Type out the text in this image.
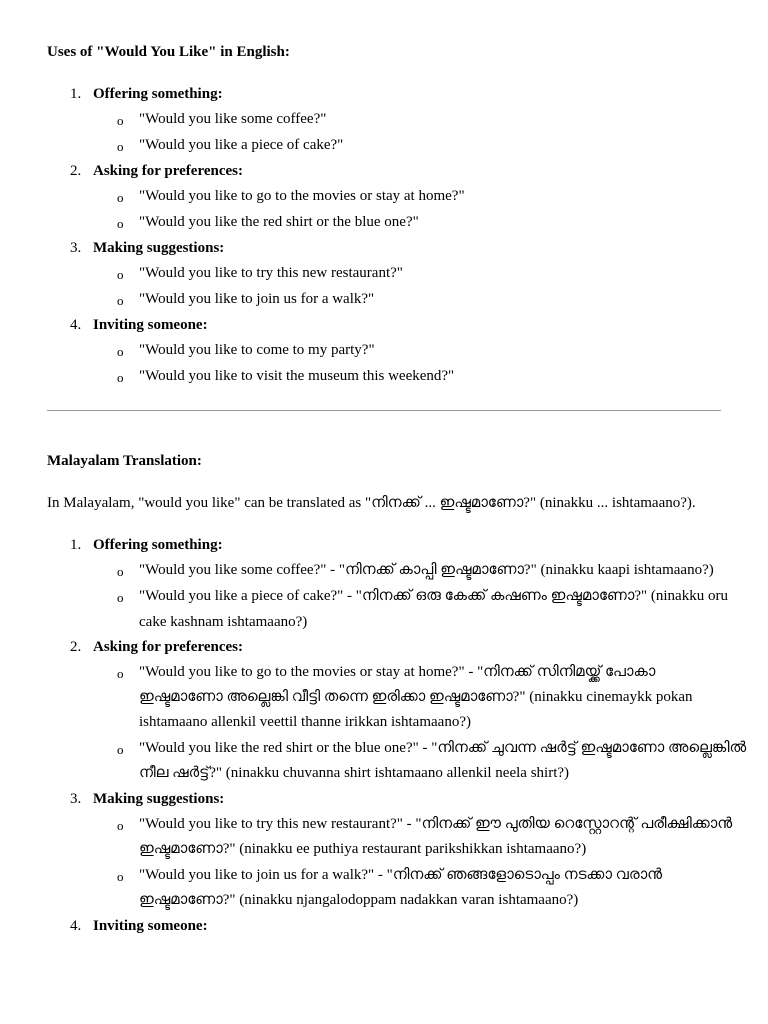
Uses of "Would You Like" in English:
1. Offering something:
o	"Would you like some coffee?"
o	"Would you like a piece of cake?"
2. Asking for preferences:
o	"Would you like to go to the movies or stay at home?"
o	"Would you like the red shirt or the blue one?"
3. Making suggestions:
o	"Would you like to try this new restaurant?"
o	"Would you like to join us for a walk?"
4. Inviting someone:
o	"Would you like to come to my party?"
o	"Would you like to visit the museum this weekend?"
Malayalam Translation:
In Malayalam, "would you like" can be translated as "നിനക്ക് ... ഇഷ്ടമാണോ?" (ninakku ... ishtamaano?).
1. Offering something:
o	"Would you like some coffee?" - "നിനക്ക് കാപ്പി ഇഷ്ടമാണോ?" (ninakku kaapi ishtamaano?)
o	"Would you like a piece of cake?" - "നിനക്ക് ഒരു കേക്ക് കഷണം ഇഷ്ടമാണോ?" (ninakku oru
cake kashnam ishtamaano?)
2. Asking for preferences:
o	"Would you like to go to the movies or stay at home?" - "നിനക്ക് സിനിമയ്ക്ക് പോകാ
ഇഷ്ടമാണോ അല്ലെങ്കി വീട്ടി തന്നെ ഇരിക്കാ ഇഷ്ടമാണോ?" (ninakku cinemaykk pokan
ishtamaano allenkil veettil thanne irikkan ishtamaano?)
o	"Would you like the red shirt or the blue one?" - "നിനക്ക് ചുവന്ന ഷർട്ട് ഇഷ്ടമാണോ അല്ലെങ്കിൽ
നീല ഷർട്ട്?" (ninakku chuvanna shirt ishtamaano allenkil neela shirt?)
3. Making suggestions:
o	"Would you like to try this new restaurant?" - "നിനക്ക് ഈ പുതിയ റെസ്റ്റോറന്റ് പരീക്ഷിക്കാൻ
ഇഷ്ടമാണോ?" (ninakku ee puthiya restaurant parikshikkan ishtamaano?)
o	"Would you like to join us for a walk?" - "നിനക്ക് ഞങ്ങളോടൊപ്പം നടക്കാ വരാൻ
ഇഷ്ടമാണോ?" (ninakku njangalodoppam nadakkan varan ishtamaano?)
4. Inviting someone:
